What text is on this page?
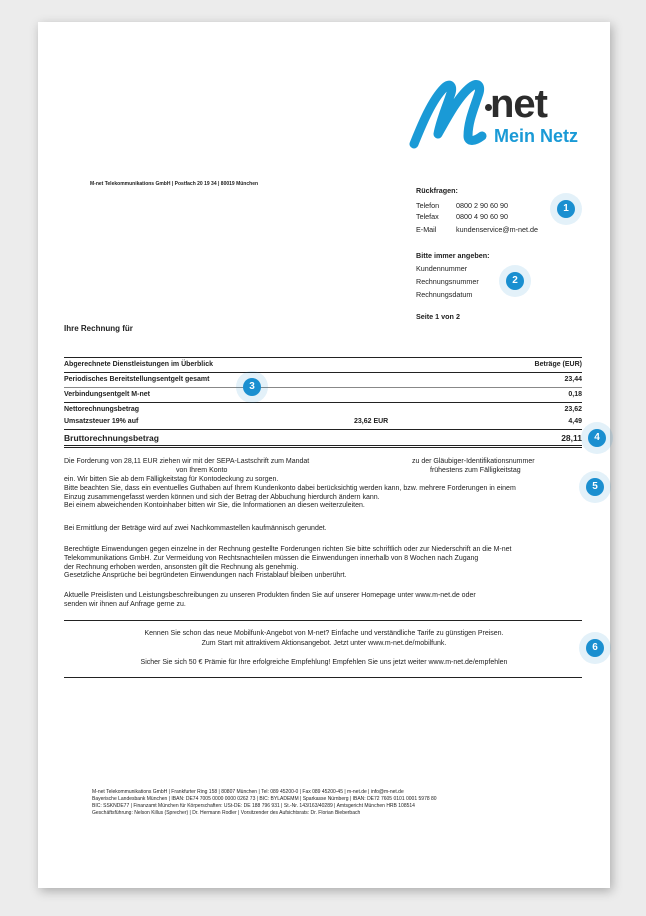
net
Mein Netz
M-net Telekommunikations GmbH | Postfach 20 19 34 | 80019 München
Rückfragen:
Telefon 0800 2 90 60 90
Telefax 0800 4 90 60 90
E-Mail	kundenservice@m-net.de
Bitte immer angeben:
Kundennummer
Rechnungsnummer
Rechnungsdatum
Seite 1 von 2
Ihre Rechnung für
Abgerechnete Dienstleistungen im Überblick	Beträge (EUR)
Periodisches Bereitstellungsentgelt gesamt	23,44
Verbindungsentgelt M-net	0,18
Nettorechnungsbetrag	23,62
Umsatzsteuer 19% auf	23,62 EUR	4,49
Bruttorechnungsbetrag	28,11
Die Forderung von 28,11 EUR ziehen wir mit der SEPA-Lastschrift zum Mandat	zu der Gläubiger-Identifikationsnummer
von Ihrem Konto	frühestens zum Fälligkeitstag
ein. Wir bitten Sie ab dem Fälligkeitstag für Kontodeckung zu sorgen.
Bitte beachten Sie, dass ein eventuelles Guthaben auf Ihrem Kundenkonto dabei berücksichtig werden kann, bzw. mehrere Forderungen in einem
Einzug zusammengefasst werden können und sich der Betrag der Abbuchung hierdurch ändern kann.
Bei einem abweichenden Kontoinhaber bitten wir Sie, die Informationen an diesen weiterzuleiten.
Bei Ermittlung der Beträge wird auf zwei Nachkommastellen kaufmännisch gerundet.
Berechtigte Einwendungen gegen einzelne in der Rechnung gestellte Forderungen richten Sie bitte schriftlich oder zur Niederschrift an die M-net
Telekommunikations GmbH. Zur Vermeidung von Rechtsnachteilen müssen die Einwendungen innerhalb von 8 Wochen nach Zugang
der Rechnung erhoben werden, ansonsten gilt die Rechnung als genehmig.
Gesetzliche Ansprüche bei begründeten Einwendungen nach Fristablauf bleiben unberührt.
Aktuelle Preislisten und Leistungsbeschreibungen zu unseren Produkten finden Sie auf unserer Homepage unter www.m-net.de oder
senden wir ihnen auf Anfrage gerne zu.
Kennen Sie schon das neue Mobilfunk-Angebot von M-net? Einfache und verständliche Tarife zu günstigen Preisen.
Zum Start mit attraktivem Aktionsangebot. Jetzt unter www.m-net.de/mobilfunk.
Sicher Sie sich 50 € Prämie für Ihre erfolgreiche Empfehlung! Empfehlen Sie uns jetzt weiter www.m-net.de/empfehlen
M-net Telekommunikations GmbH | Frankfurter Ring 158 | 80807 München | Tel: 089 45200-0 | Fax 089 45200-45 | m-net.de | info@m-net.de
Bayerische Landesbank München | IBAN: DE74 7005 0000 0000 0262 73 | BIC: BYLADEMM | Sparkasse Nürnberg | IBAN: DE72 7605 0101 0001 5978 80
BIC: SSKNDE77 | Finanzamt München für Körperschaften: USt-DE: DE 188 796 931 | St.-Nr. 143/163/40289 | Amtsgericht München HRB 108514
Geschäftsführung: Nelson Killus (Sprecher) | Dr. Hermann Rodler | Vorsitzender des Aufsichtsrats: Dr. Florian Bieberbach
1
2
3
4
5
6
